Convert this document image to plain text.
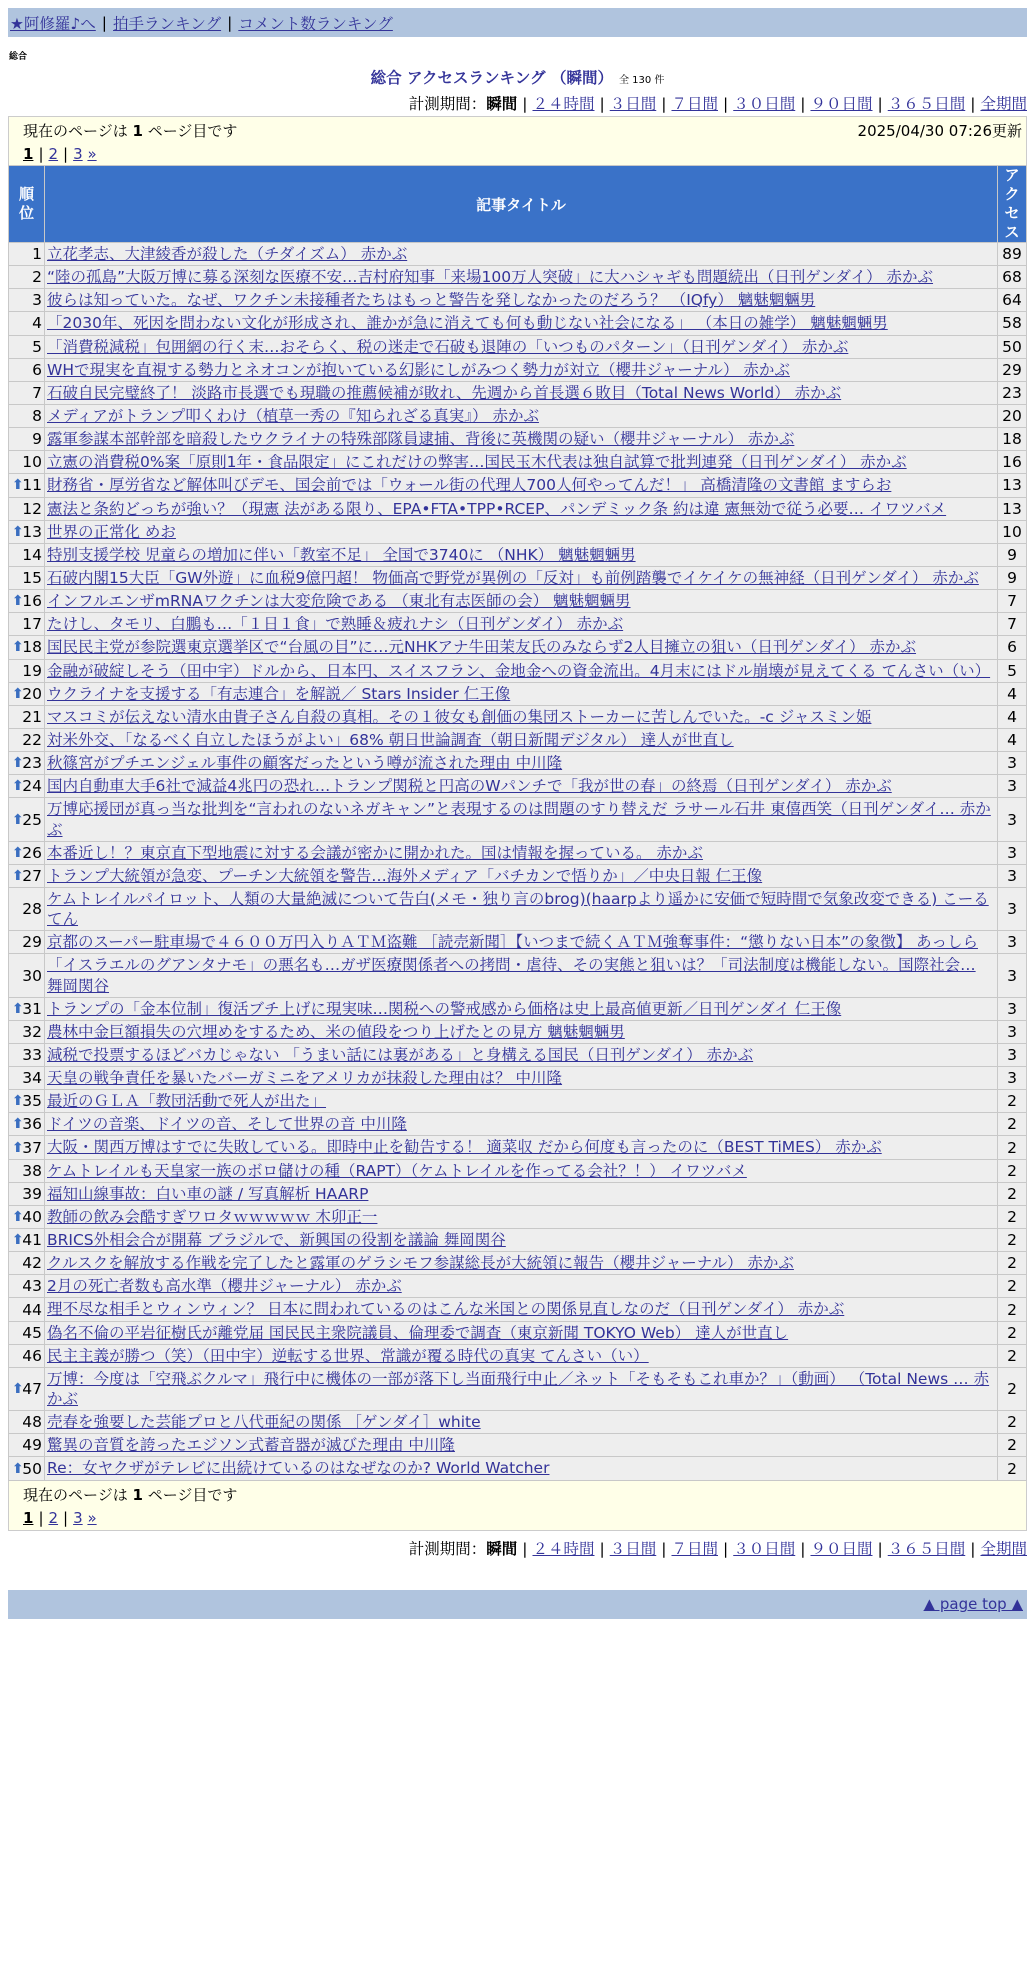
★阿修羅♪へ | 拍手ランキング | コメント数ランキング
総合
総合 アクセスランキング （瞬間） 全 130 件
計測期間：瞬間 | ２４時間 | ３日間 | ７日間 | ３０日間 | ９０日間 | ３６５日間 | 全期間
現在のページは 1 ページ目です	2025/04/30 07:26更新
1 | 2 | 3 »
順位	記事タイトル	アクセス
1	立花孝志、大津綾香が殺した（チダイズム） 赤かぶ	89
2	“陸の孤島”大阪万博に募る深刻な医療不安…吉村府知事「来場100万人突破」に大ハシャギも問題続出（日刊ゲンダイ） 赤かぶ	68
3	彼らは知っていた。なぜ、ワクチン未接種者たちはもっと警告を発しなかったのだろう？ （IQfy） 魑魅魍魎男	64
4	「2030年、死因を問わない文化が形成され、誰かが急に消えても何も動じない社会になる」 （本日の雑学） 魑魅魍魎男	58
5	「消費税減税」包囲網の行く末…おそらく、税の迷走で石破も退陣の「いつものパターン」（日刊ゲンダイ） 赤かぶ	50
6	WHで現実を直視する勢力とネオコンが抱いている幻影にしがみつく勢力が対立（櫻井ジャーナル） 赤かぶ	29
7	石破自民完璧終了！ 淡路市長選でも現職の推薦候補が敗れ、先週から首長選６敗目（Total News World） 赤かぶ	23
8	メディアがトランプ叩くわけ（植草一秀の『知られざる真実』） 赤かぶ	20
9	露軍参謀本部幹部を暗殺したウクライナの特殊部隊員逮捕、背後に英機関の疑い（櫻井ジャーナル） 赤かぶ	18
10	立憲の消費税0%案「原則1年・食品限定」にこれだけの弊害…国民玉木代表は独自試算で批判連発（日刊ゲンダイ） 赤かぶ	16

⬆
11	財務省・厚労省など解体叫びデモ、国会前では「ウォール街の代理人700人何やってんだ！」 高橋清隆の文書館 ますらお	13
12	憲法と条約どっちが強い？（現憲 法がある限り、EPA•FTA•TPP•RCEP、パンデミック条 約は違 憲無効で従う必要… イワツバメ	13

⬆
13	世界の正常化 めお	10
14	特別支援学校 児童らの増加に伴い「教室不足」 全国で3740に （NHK） 魑魅魍魎男	9
15	石破内閣15大臣「GW外遊」に血税9億円超！ 物価高で野党が異例の「反対」も前例踏襲でイケイケの無神経（日刊ゲンダイ） 赤かぶ	9

⬆
16	インフルエンザmRNAワクチンは大変危険である （東北有志医師の会） 魑魅魍魎男	7
17	たけし、タモリ、白鵬も…「１日１食」で熟睡＆疲れナシ（日刊ゲンダイ） 赤かぶ	7

⬆
18	国民民主党が参院選東京選挙区で“台風の目”に…元NHKアナ牛田茉友氏のみならず2人目擁立の狙い（日刊ゲンダイ） 赤かぶ	6
19	金融が破綻しそう（田中宇）ドルから、日本円、スイスフラン、金地金への資金流出。4月末にはドル崩壊が見えてくる てんさい（い）	5

⬆
20	ウクライナを支援する「有志連合」を解説／ Stars Insider 仁王像	4
21	マスコミが伝えない清水由貴子さん自殺の真相。その１彼女も創価の集団ストーカーに苦しんでいた。-c ジャスミン姫	4
22	対米外交、「なるべく自立したほうがよい」68% 朝日世論調査（朝日新聞デジタル） 達人が世直し	4

⬆
23	秋篠宮がプチエンジェル事件の顧客だったという噂が流された理由 中川隆	3

⬆
24	国内自動車大手6社で減益4兆円の恐れ…トランプ関税と円高のWパンチで「我が世の春」の終焉（日刊ゲンダイ） 赤かぶ	3

⬆
25	万博応援団が真っ当な批判を“言われのないネガキャン”と表現するのは問題のすり替えだ ラサール石井 東僖西笑（日刊ゲンダイ… 赤かぶ	3

⬆
26	本番近し！？東京直下型地震に対する会議が密かに開かれた。国は情報を握っている。 赤かぶ	3

⬆
27	トランプ大統領が急変、プーチン大統領を警告…海外メディア「バチカンで悟りか」／中央日報 仁王像	3
28	ケムトレイルパイロット、人類の大量絶滅について告白(メモ・独り言のbrog)(haarpより遥かに安価で短時間で気象改変できる) こーるてん	3
29	京都のスーパー駐車場で４６００万円入りＡＴＭ盗難 ［読売新聞］【いつまで続くＡＴＭ強奪事件：“懲りない日本”の象徴】 あっしら	3
30	「イスラエルのグアンタナモ」の悪名も…ガザ医療関係者への拷問・虐待、その実態と狙いは？「司法制度は機能しない。国際社会… 舞岡関谷	3

⬆
31	トランプの「金本位制」復活ブチ上げに現実味…関税への警戒感から価格は史上最高値更新／日刊ゲンダイ 仁王像	3
32	農林中金巨額損失の穴埋めをするため、米の値段をつり上げたとの見方 魑魅魍魎男	3
33	減税で投票するほどバカじゃない 「うまい話には裏がある」と身構える国民（日刊ゲンダイ） 赤かぶ	3
34	天皇の戦争責任を暴いたバーガミニをアメリカが抹殺した理由は？ 中川隆	3

⬆
35	最近のＧＬＡ「教団活動で死人が出た」	2

⬆
36	ドイツの音楽、ドイツの音、そして世界の音 中川隆	2

⬆
37	大阪・関西万博はすでに失敗している。即時中止を勧告する！ 適菜収 だから何度も言ったのに（BEST TiMES） 赤かぶ	2
38	ケムトレイルも天皇家一族のボロ儲けの種（RAPT）（ケムトレイルを作ってる会社？！） イワツバメ	2
39	福知山線事故：白い車の謎 / 写真解析 HAARP	2

⬆
40	教師の飲み会酷すぎワロタｗｗｗｗｗ 木卯正一	2

⬆
41	BRICS外相会合が開幕 ブラジルで、新興国の役割を議論 舞岡関谷	2
42	クルスクを解放する作戦を完了したと露軍のゲラシモフ参謀総長が大統領に報告（櫻井ジャーナル） 赤かぶ	2
43	2月の死亡者数も高水準（櫻井ジャーナル） 赤かぶ	2
44	理不尽な相手とウィンウィン？ 日本に問われているのはこんな米国との関係見直しなのだ（日刊ゲンダイ） 赤かぶ	2
45	偽名不倫の平岩征樹氏が離党届 国民民主衆院議員、倫理委で調査（東京新聞 TOKYO Web） 達人が世直し	2
46	民主主義が勝つ（笑）（田中宇）逆転する世界、常識が覆る時代の真実 てんさい（い）	2

⬆
47	万博：今度は「空飛ぶクルマ」飛行中に機体の一部が落下し当面飛行中止／ネット「そもそもこれ車か？」（動画） （Total News … 赤かぶ	2
48	売春を強要した芸能プロと八代亜紀の関係 ［ゲンダイ］white	2
49	驚異の音質を誇ったエジソン式蓄音器が滅びた理由 中川隆	2

⬆
50	Re：女ヤクザがテレビに出続けているのはなぜなのか? World Watcher	2
現在のページは 1 ページ目です
1 | 2 | 3 »
計測期間：瞬間 | ２４時間 | ３日間 | ７日間 | ３０日間 | ９０日間 | ３６５日間 | 全期間
▲ page top ▲
